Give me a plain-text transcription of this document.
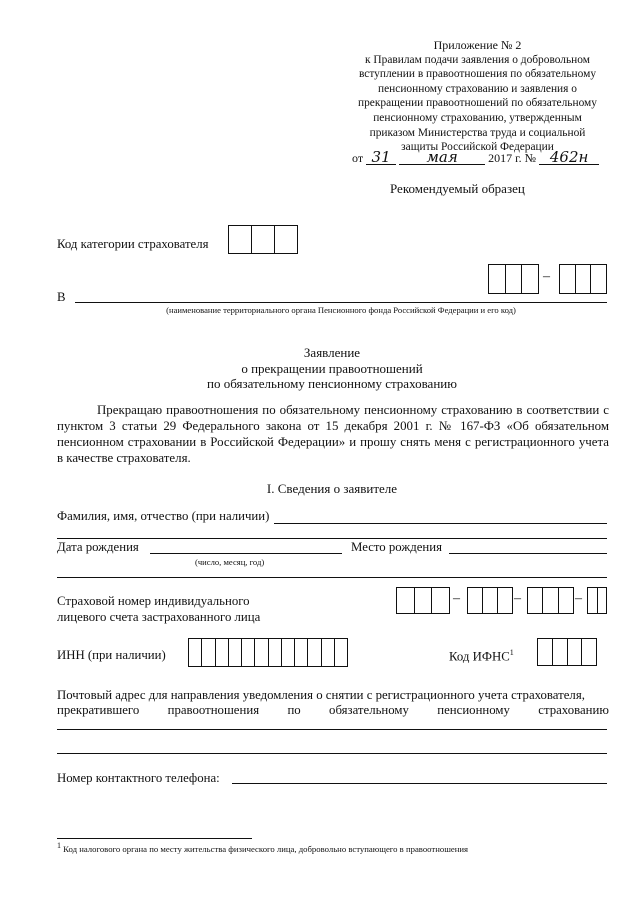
Приложение № 2
к Правилам подачи заявления о добровольном
вступлении в правоотношения по обязательному
пенсионному страхованию и заявления о
прекращении правоотношений по обязательному
пенсионному страхованию, утвержденным
приказом Министерства труда и социальной
защиты Российской Федерации
от 31 мая	2017 г. № 462н
Рекомендуемый образец
Код категории страхователя
–
В
(наименование территориального органа Пенсионного фонда Российской Федерации и его код)
Заявление
о прекращении правоотношений
по обязательному пенсионному страхованию
Прекращаю правоотношения по обязательному пенсионному страхованию в соответствии с пунктом 3 статьи 29 Федерального закона от 15 декабря 2001 г. № 167-ФЗ «Об обязательном пенсионном страховании в Российской Федерации» и прошу снять меня с регистрационного учета в качестве страхователя.
I. Сведения о заявителе
Фамилия, имя, отчество (при наличии)
Дата рождения
(число, месяц, год)
Место рождения
Страховой номер индивидуального
лицевого счета застрахованного лица
–	–	–
ИНН (при наличии)	Код ИФНС$^1$
Почтовый адрес для направления уведомления о снятии с регистрационного учета страхователя,
прекратившего правоотношения по обязательному пенсионному страхованию
Номер контактного телефона:
$^1$ Код налогового органа по месту жительства физического лица, добровольно вступающего в правоотношения
